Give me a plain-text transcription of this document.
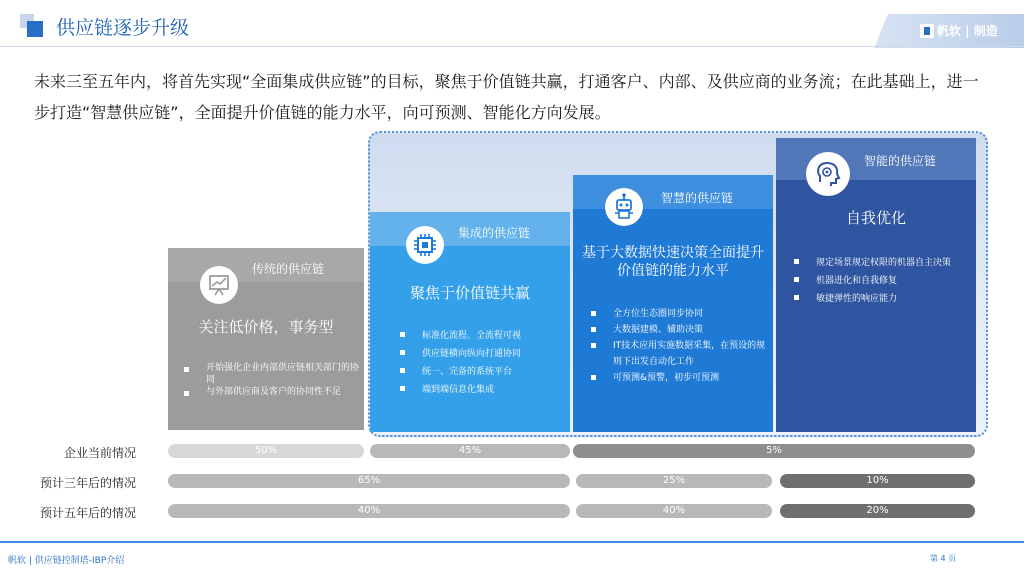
供应链逐步升级	帆软 | 制造
未来三至五年内，将首先实现“全面集成供应链”的目标，聚焦于价值链共赢，打通客户、内部、及供应商的业务流；在此基础上，进一步打造“智慧供应链”，全面提升价值链的能力水平，向可预测、智能化方向发展。
传统的供应链
关注低价格，事务型
开始强化企业内部供应链相关部门的协同
与外部供应商及客户的协同性不足
集成的供应链
聚焦于价值链共赢
标准化流程、全流程可视
供应链横向纵向打通协同
统一、完备的系统平台
端到端信息化集成
智慧的供应链
基于大数据快速决策全面提升价值链的能力水平
全方位生态圈同步协同
大数据建模、辅助决策
IT技术应用实施数据采集，在预设的规则下出发自动化工作
可预测&预警，初步可预测
智能的供应链
自我优化
规定场景规定权限的机器自主决策
机器进化和自我修复
敏捷弹性的响应能力
企业当前情况	50%	45%	5%
预计三年后的情况	65%	25%	10%
预计五年后的情况	40%	40%	20%
帆软 | 供应链控制塔-IBP介绍	第 4 页
